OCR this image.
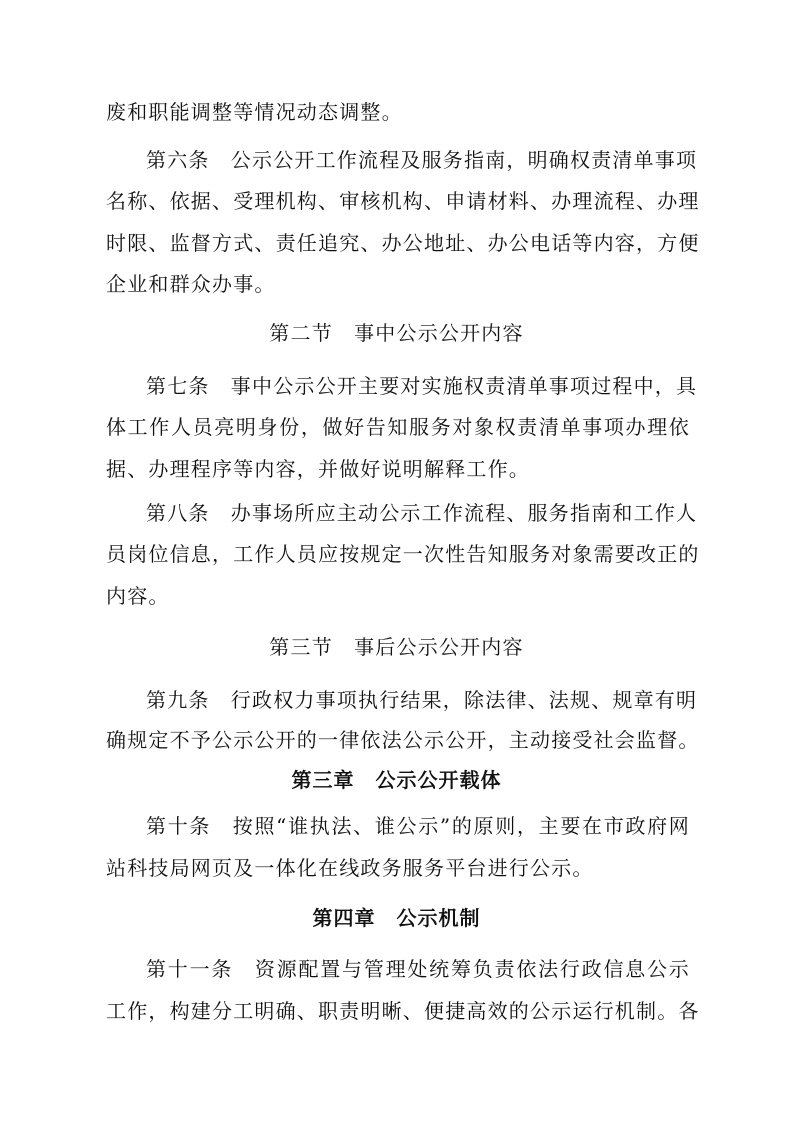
废和职能调整等情况动态调整。
第六条　公示公开工作流程及服务指南，明确权责清单事项
名称、依据、受理机构、审核机构、申请材料、办理流程、办理
时限、监督方式、责任追究、办公地址、办公电话等内容，方便
企业和群众办事。
第二节　事中公示公开内容
第七条　事中公示公开主要对实施权责清单事项过程中，具
体工作人员亮明身份，做好告知服务对象权责清单事项办理依
据、办理程序等内容，并做好说明解释工作。
第八条　办事场所应主动公示工作流程、服务指南和工作人
员岗位信息，工作人员应按规定一次性告知服务对象需要改正的
内容。
第三节　事后公示公开内容
第九条　行政权力事项执行结果，除法律、法规、规章有明
确规定不予公示公开的一律依法公示公开，主动接受社会监督。
第三章　公示公开载体
第十条　按照“谁执法、谁公示”的原则，主要在市政府网
站科技局网页及一体化在线政务服务平台进行公示。
第四章　公示机制
第十一条　资源配置与管理处统筹负责依法行政信息公示
工作，构建分工明确、职责明晰、便捷高效的公示运行机制。各
